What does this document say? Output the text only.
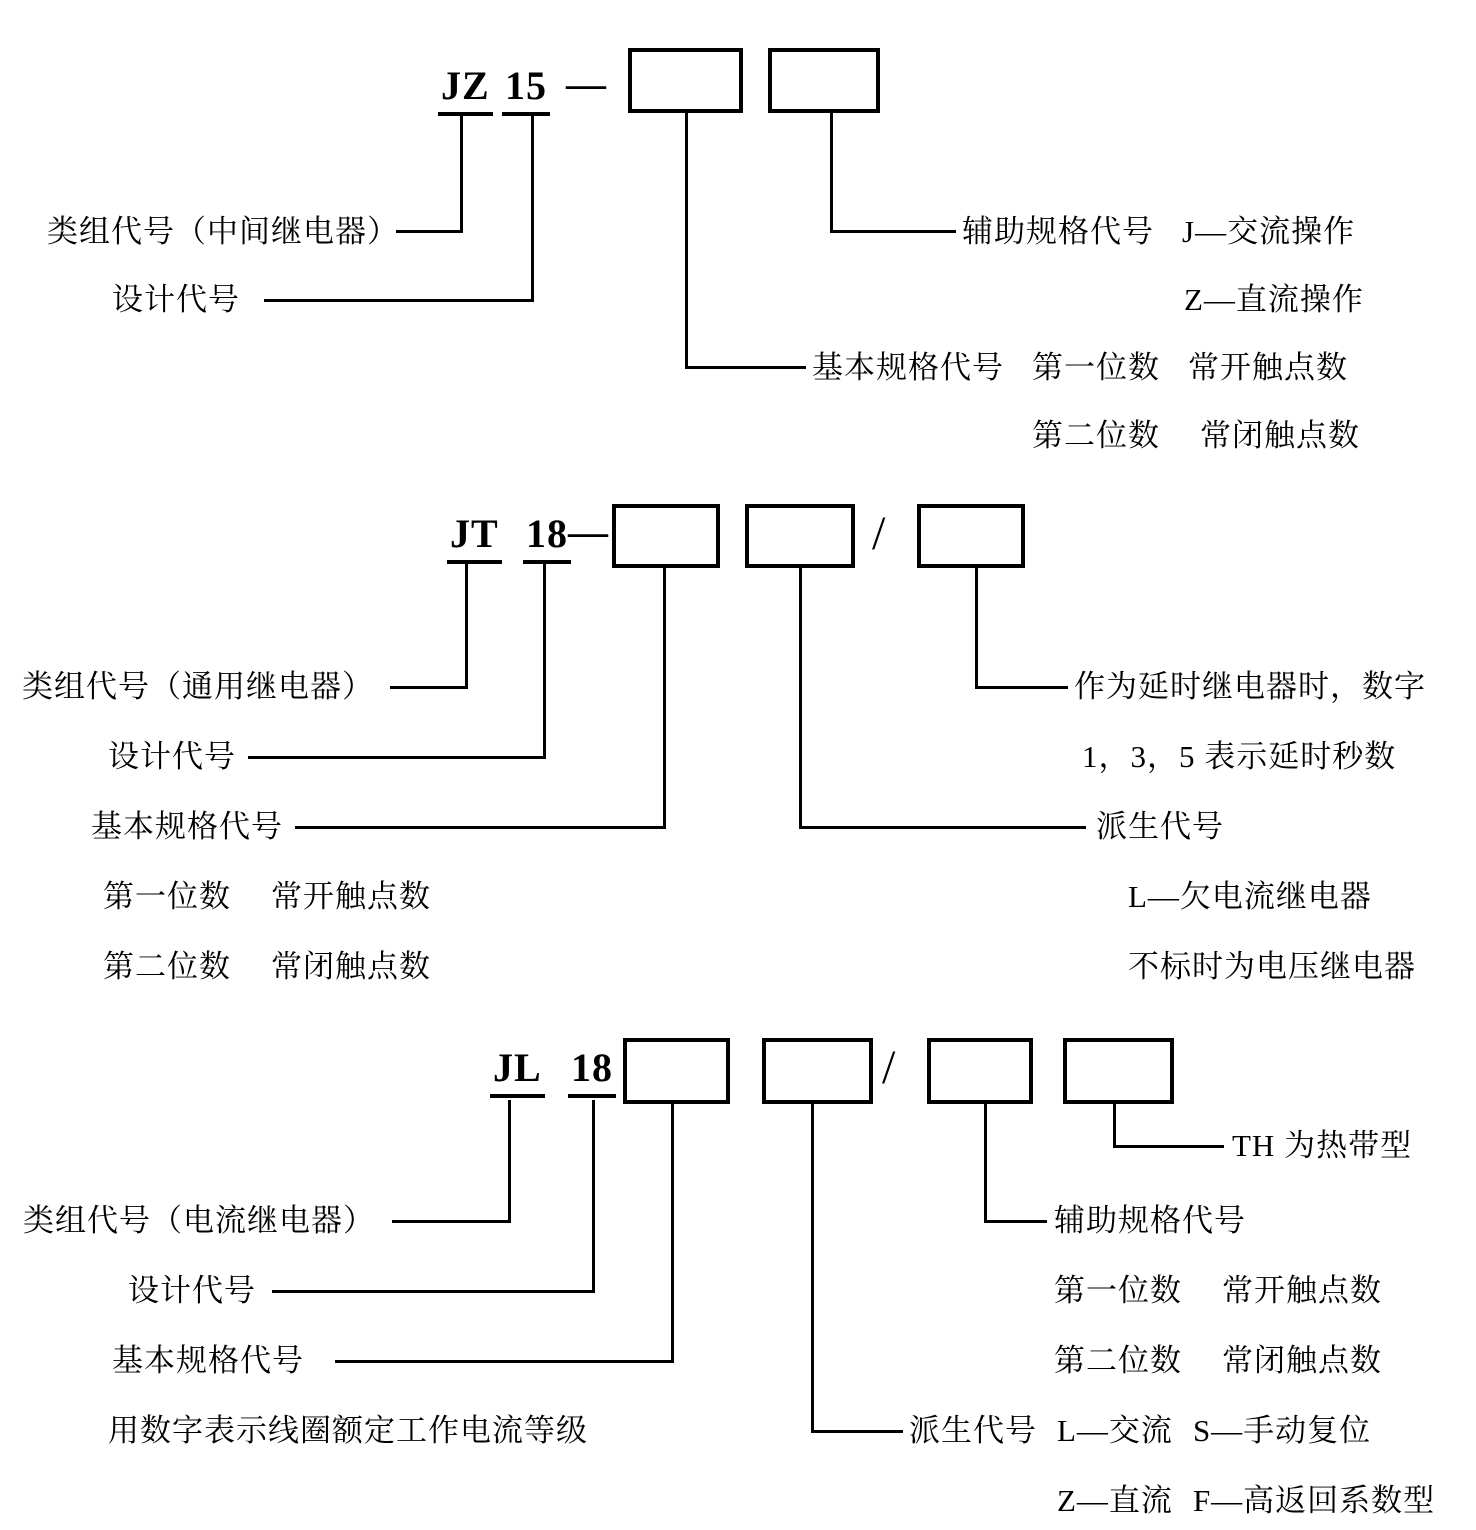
JZ 15 —
类组代号（中间继电器）
设计代号
基本规格代号 第一位数 常开触点数
第二位数 常闭触点数
辅助规格代号 J—交流操作
Z—直流操作
JT 18 —	/
类组代号（通用继电器）
设计代号
基本规格代号
第一位数 常开触点数
第二位数 常闭触点数
作为延时继电器时，数字
1，3，5 表示延时秒数
派生代号
L—欠电流继电器
不标时为电压继电器
JL 18	/
TH 为热带型
类组代号（电流继电器）
设计代号
基本规格代号
用数字表示线圈额定工作电流等级
辅助规格代号
第一位数 常开触点数
第二位数 常闭触点数
派生代号 L—交流 S—手动复位
Z—直流 F—高返回系数型
